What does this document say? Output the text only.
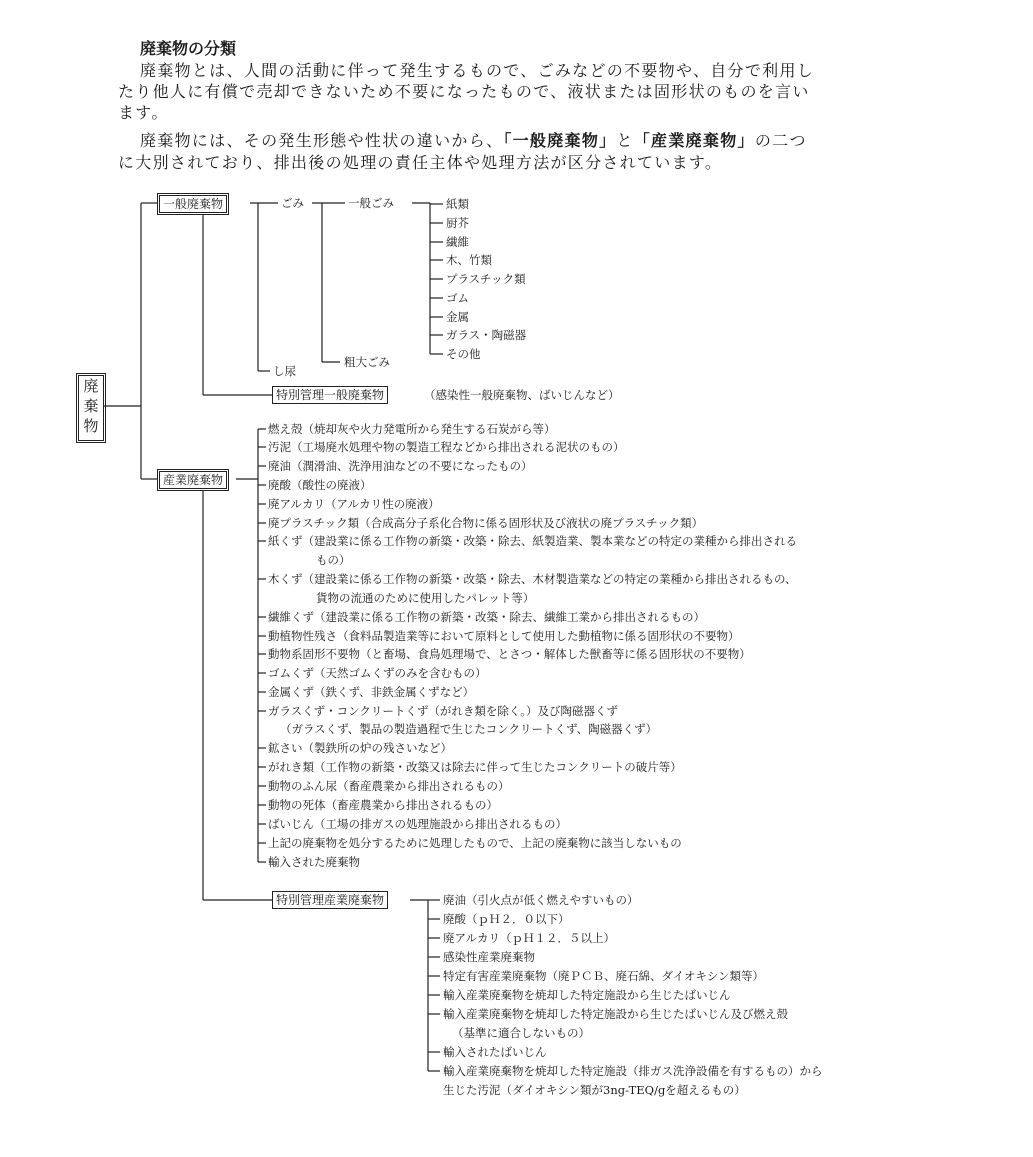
廃棄物の分類
廃棄物とは、人間の活動に伴って発生するもので、ごみなどの不要物や、自分で利用し
たり他人に有償で売却できないため不要になったもので、液状または固形状のものを言い
ます。
廃棄物には、その発生形態や性状の違いから、「一般廃棄物」と「産業廃棄物」の二つ
に大別されており、排出後の処理の責任主体や処理方法が区分されています。
廃
棄
物
一般廃棄物	ごみ	一般ごみ	紙類
厨芥
繊維
木、竹類
プラスチック類
ゴム
金属
ガラス・陶磁器
その他
粗大ごみ
し尿
特別管理一般廃棄物	（感染性一般廃棄物、ばいじんなど）
産業廃棄物
燃え殻（焼却灰や火力発電所から発生する石炭がら等）
汚泥（工場廃水処理や物の製造工程などから排出される泥状のもの）
廃油（潤滑油、洗浄用油などの不要になったもの）
廃酸（酸性の廃液）
廃アルカリ（アルカリ性の廃液）
廃プラスチック類（合成高分子系化合物に係る固形状及び液状の廃プラスチック類）
紙くず（建設業に係る工作物の新築・改築・除去、紙製造業、製本業などの特定の業種から排出される
もの）
木くず（建設業に係る工作物の新築・改築・除去、木材製造業などの特定の業種から排出されるもの、
貨物の流通のために使用したパレット等）
繊維くず（建設業に係る工作物の新築・改築・除去、繊維工業から排出されるもの）
動植物性残さ（食料品製造業等において原料として使用した動植物に係る固形状の不要物）
動物系固形不要物（と畜場、食鳥処理場で、とさつ・解体した獣畜等に係る固形状の不要物）
ゴムくず（天然ゴムくずのみを含むもの）
金属くず（鉄くず、非鉄金属くずなど）
ガラスくず・コンクリートくず（がれき類を除く。）及び陶磁器くず
（ガラスくず、製品の製造過程で生じたコンクリートくず、陶磁器くず）
鉱さい（製鉄所の炉の残さいなど）
がれき類（工作物の新築・改築又は除去に伴って生じたコンクリートの破片等）
動物のふん尿（畜産農業から排出されるもの）
動物の死体（畜産農業から排出されるもの）
ばいじん（工場の排ガスの処理施設から排出されるもの）
上記の廃棄物を処分するために処理したもので、上記の廃棄物に該当しないもの
輸入された廃棄物
特別管理産業廃棄物	廃油（引火点が低く燃えやすいもの）
廃酸（ｐＨ２．０以下）
廃アルカリ（ｐＨ１２．５以上）
感染性産業廃棄物
特定有害産業廃棄物（廃ＰＣＢ、廃石綿、ダイオキシン類等）
輸入産業廃棄物を焼却した特定施設から生じたばいじん
輸入産業廃棄物を焼却した特定施設から生じたばいじん及び燃え殻
（基準に適合しないもの）
輸入されたばいじん
輸入産業廃棄物を焼却した特定施設（排ガス洗浄設備を有するもの）から
生じた汚泥（ダイオキシン類が3ng-TEQ/gを超えるもの）
